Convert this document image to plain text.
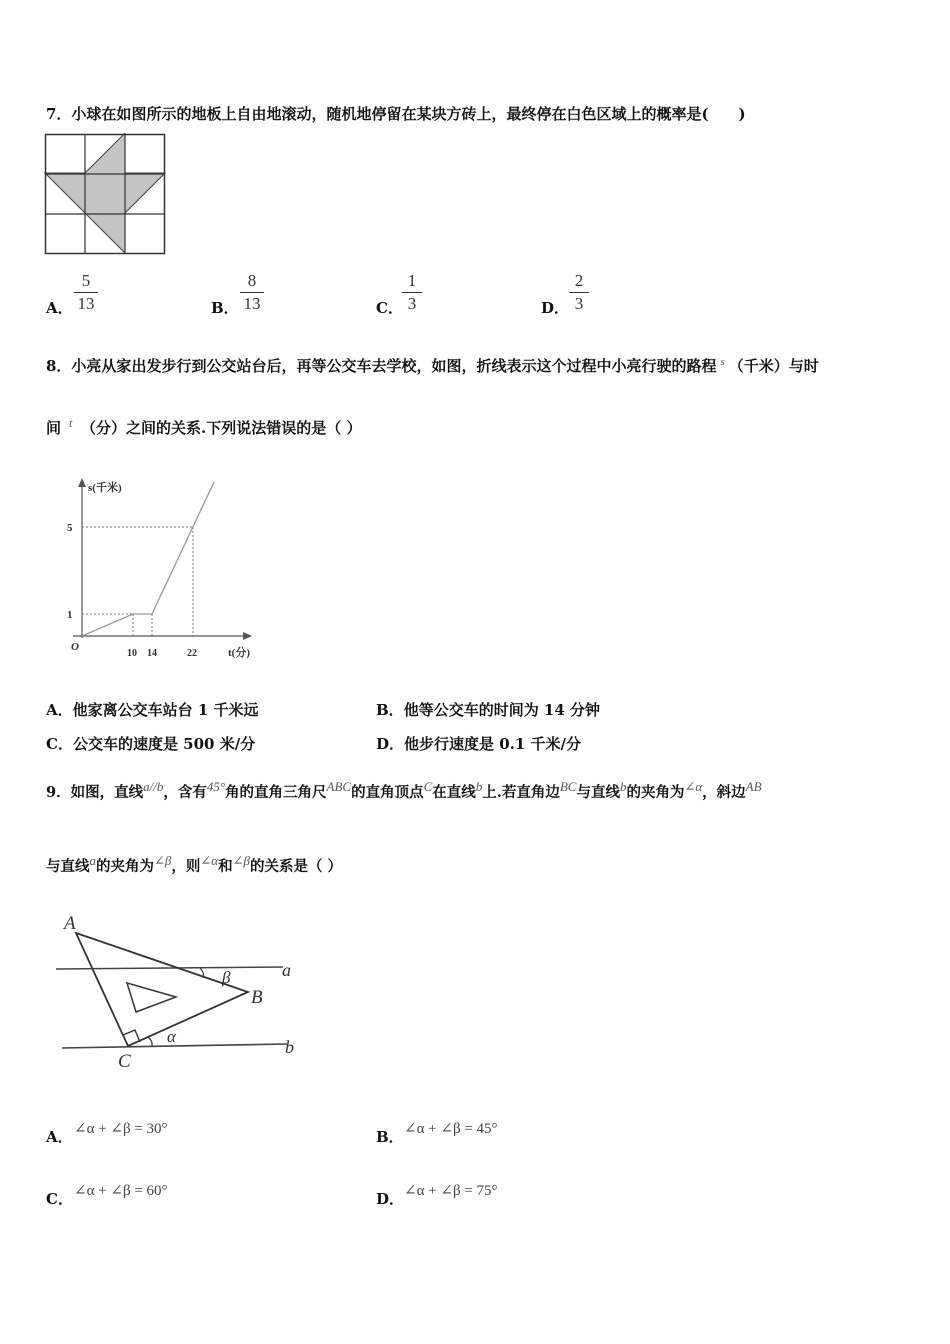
7．小球在如图所示的地板上自由地滚动，随机地停留在某块方砖上，最终停在白色区域上的概率是(　　)
A．
5
13	B．
8
13	C．
1
3	D．
2
3
8．小亮从家出发步行到公交站台后，再等公交车去学校，如图，折线表示这个过程中小亮行驶的路程 $^s$ （千米）与时
间 t （分）之间的关系.下列说法错误的是（ ）
s(千米)
5
1
O
10 14	22	t(分)
A．他家离公交车站台 1 千米远	B．他等公交车的时间为 14 分钟
C．公交车的速度是 500 米/分	D．他步行速度是 0.1 千米/分
9．如图，直线$^{a//b}$，含有$^{45^\circ}$角的直角三角尺$^{ABC}$的直角顶点$^C$在直线$^b$上.若直角边$^{BC}$与直线$^b$的夹角为$^{\angle\alpha}$，斜边$^{AB}$
与直线$^a$的夹角为$^{\angle\beta}$，则$^{\angle\alpha}$和$^{\angle\beta}$的关系是（ ）
A
B
C
a
b
α
β
A． ∠α + ∠β = 30°	B． ∠α + ∠β = 45°
C． ∠α + ∠β = 60°	D． ∠α + ∠β = 75°
